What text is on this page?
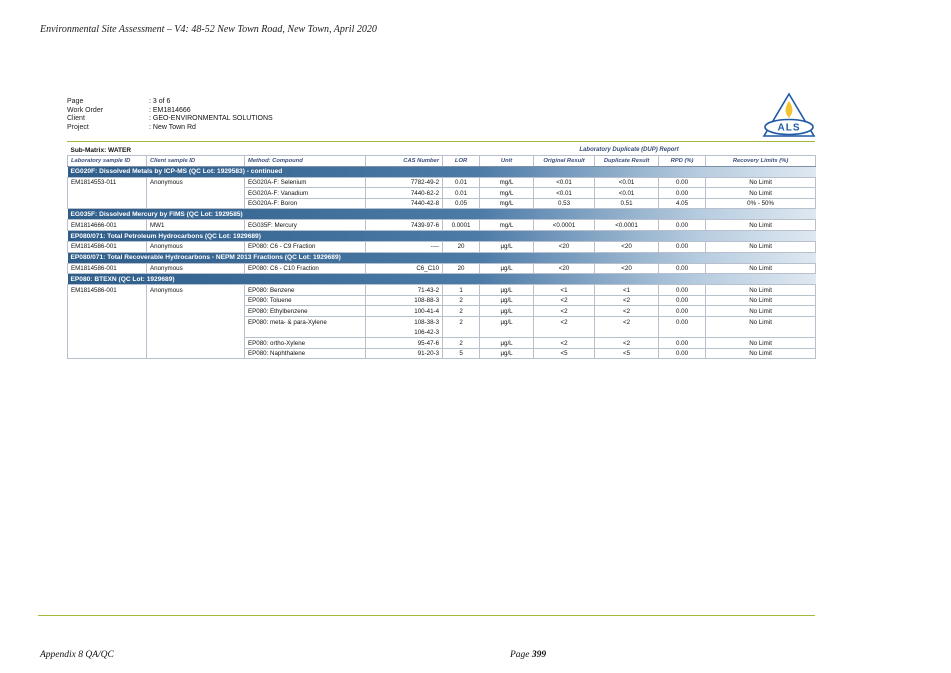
Environmental Site Assessment – V4: 48-52 New Town Road, New Town, April 2020
Page	: 3 of 6
Work Order	: EM1814666
Client	: GEO-ENVIRONMENTAL SOLUTIONS
Project	: New Town Rd	ALS
Sub-Matrix: WATER				Laboratory Duplicate (DUP) Report					
Laboratory sample ID	Client sample ID	Method: Compound	CAS Number	LOR	Unit	Original Result	Duplicate Result	RPD (%)	Recovery Limits (%)
EG020F: Dissolved Metals by ICP-MS (QC Lot: 1929583) - continued									
EM1814553-011	Anonymous	EG020A-F: Selenium	7782-49-2	0.01	mg/L	<0.01	<0.01	0.00	No Limit
		EG020A-F: Vanadium	7440-62-2	0.01	mg/L	<0.01	<0.01	0.00	No Limit
		EG020A-F: Boron	7440-42-8	0.05	mg/L	0.53	0.51	4.05	0% - 50%
EG035F: Dissolved Mercury by FIMS (QC Lot: 1929585)									
EM1814666-001	MW1	EG035F: Mercury	7439-97-6	0.0001	mg/L	<0.0001	<0.0001	0.00	No Limit
EP080/071: Total Petroleum Hydrocarbons (QC Lot: 1929689)									
EM1814586-001	Anonymous	EP080: C6 - C9 Fraction	----	20	µg/L	<20	<20	0.00	No Limit
EP080/071: Total Recoverable Hydrocarbons - NEPM 2013 Fractions (QC Lot: 1929689)									
EM1814586-001	Anonymous	EP080: C6 - C10 Fraction	C6_C10	20	µg/L	<20	<20	0.00	No Limit
EP080: BTEXN (QC Lot: 1929689)									
EM1814586-001	Anonymous	EP080: Benzene	71-43-2	1	µg/L	<1	<1	0.00	No Limit
		EP080: Toluene	108-88-3	2	µg/L	<2	<2	0.00	No Limit
		EP080: Ethylbenzene	100-41-4	2	µg/L	<2	<2	0.00	No Limit
		EP080: meta- & para-Xylene	108-38-3	2	µg/L	<2	<2	0.00	No Limit
			106-42-3						
		EP080: ortho-Xylene	95-47-6	2	µg/L	<2	<2	0.00	No Limit
		EP080: Naphthalene	91-20-3	5	µg/L	<5	<5	0.00	No Limit
Appendix 8 QA/QC	Page 399
